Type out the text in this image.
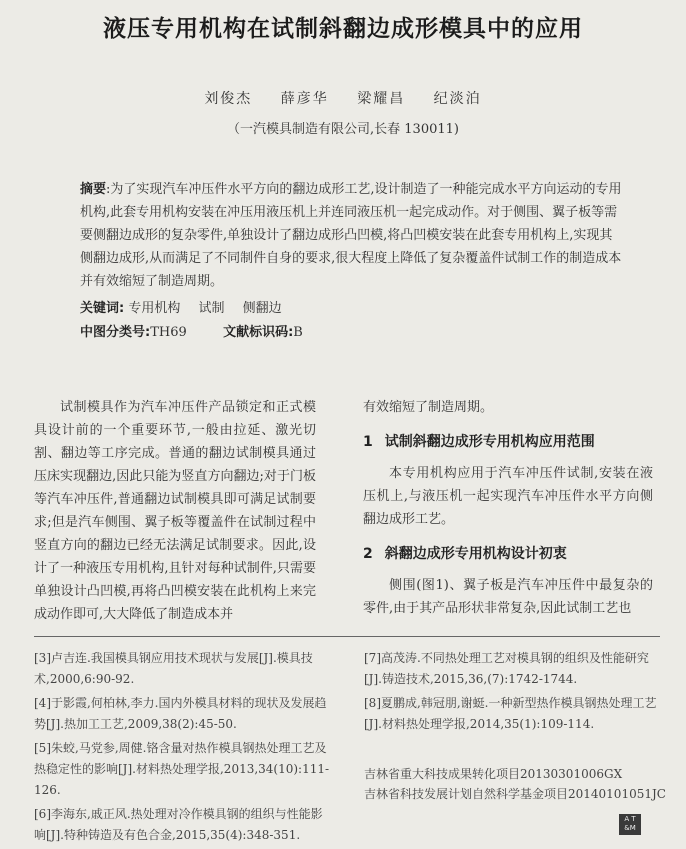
液压专用机构在试制斜翻边成形模具中的应用
刘俊杰 薛彦华 梁耀昌 纪淡泊
（一汽模具制造有限公司,长春 130011)
摘要:为了实现汽车冲压件水平方向的翻边成形工艺,设计制造了一种能完成水平方向运动的专用机构,此套专用机构安装在冲压用液压机上并连同液压机一起完成动作。对于侧围、翼子板等需要侧翻边成形的复杂零件,单独设计了翻边成形凸凹模,将凸凹模安装在此套专用机构上,实现其侧翻边成形,从而满足了不同制件自身的要求,很大程度上降低了复杂覆盖件试制工作的制造成本并有效缩短了制造周期。
关键词: 专用机构 试制 侧翻边
中图分类号:TH69	文献标识码:B

试制模具作为汽车冲压件产品锁定和正式模具设计前的一个重要环节,一般由拉延、激光切割、翻边等工序完成。普通的翻边试制模具通过压床实现翻边,因此只能为竖直方向翻边;对于门板等汽车冲压件,普通翻边试制模具即可满足试制要求;但是汽车侧围、翼子板等覆盖件在试制过程中竖直方向的翻边已经无法满足试制要求。因此,设计了一种液压专用机构,且针对每种试制件,只需要单独设计凸凹模,再将凸凹模安装在此机构上来完成动作即可,大大降低了制造成本并

有效缩短了制造周期。

1 试制斜翻边成形专用机构应用范围

本专用机构应用于汽车冲压件试制,安装在液压机上,与液压机一起实现汽车冲压件水平方向侧翻边成形工艺。

2 斜翻边成形专用机构设计初衷

侧围(图1)、翼子板是汽车冲压件中最复杂的零件,由于其产品形状非常复杂,因此试制工艺也

[3]卢吉连.我国模具钢应用技术现状与发展[J].模具技术,2000,6:90-92.

[4]于影霞,何柏林,李力.国内外模具材料的现状及发展趋势[J].热加工工艺,2009,38(2):45-50.

[5]朱蛟,马党参,周健.铬含量对热作模具钢热处理工艺及热稳定性的影响[J].材料热处理学报,2013,34(10):111-126.

[6]李海东,戚正风.热处理对冷作模具钢的组织与性能影响[J].特种铸造及有色合金,2015,35(4):348-351.

[7]高茂涛.不同热处理工艺对模具钢的组织及性能研究[J].铸造技术,2015,36,(7):1742-1744.

[8]夏鹏成,韩冠朋,谢蜓.一种新型热作模具钢热处理工艺[J].材料热处理学报,2014,35(1):109-114.

吉林省重大科技成果转化项目20130301006GX
吉林省科技发展计划自然科学基金项目20140101051JC
A T
&M
